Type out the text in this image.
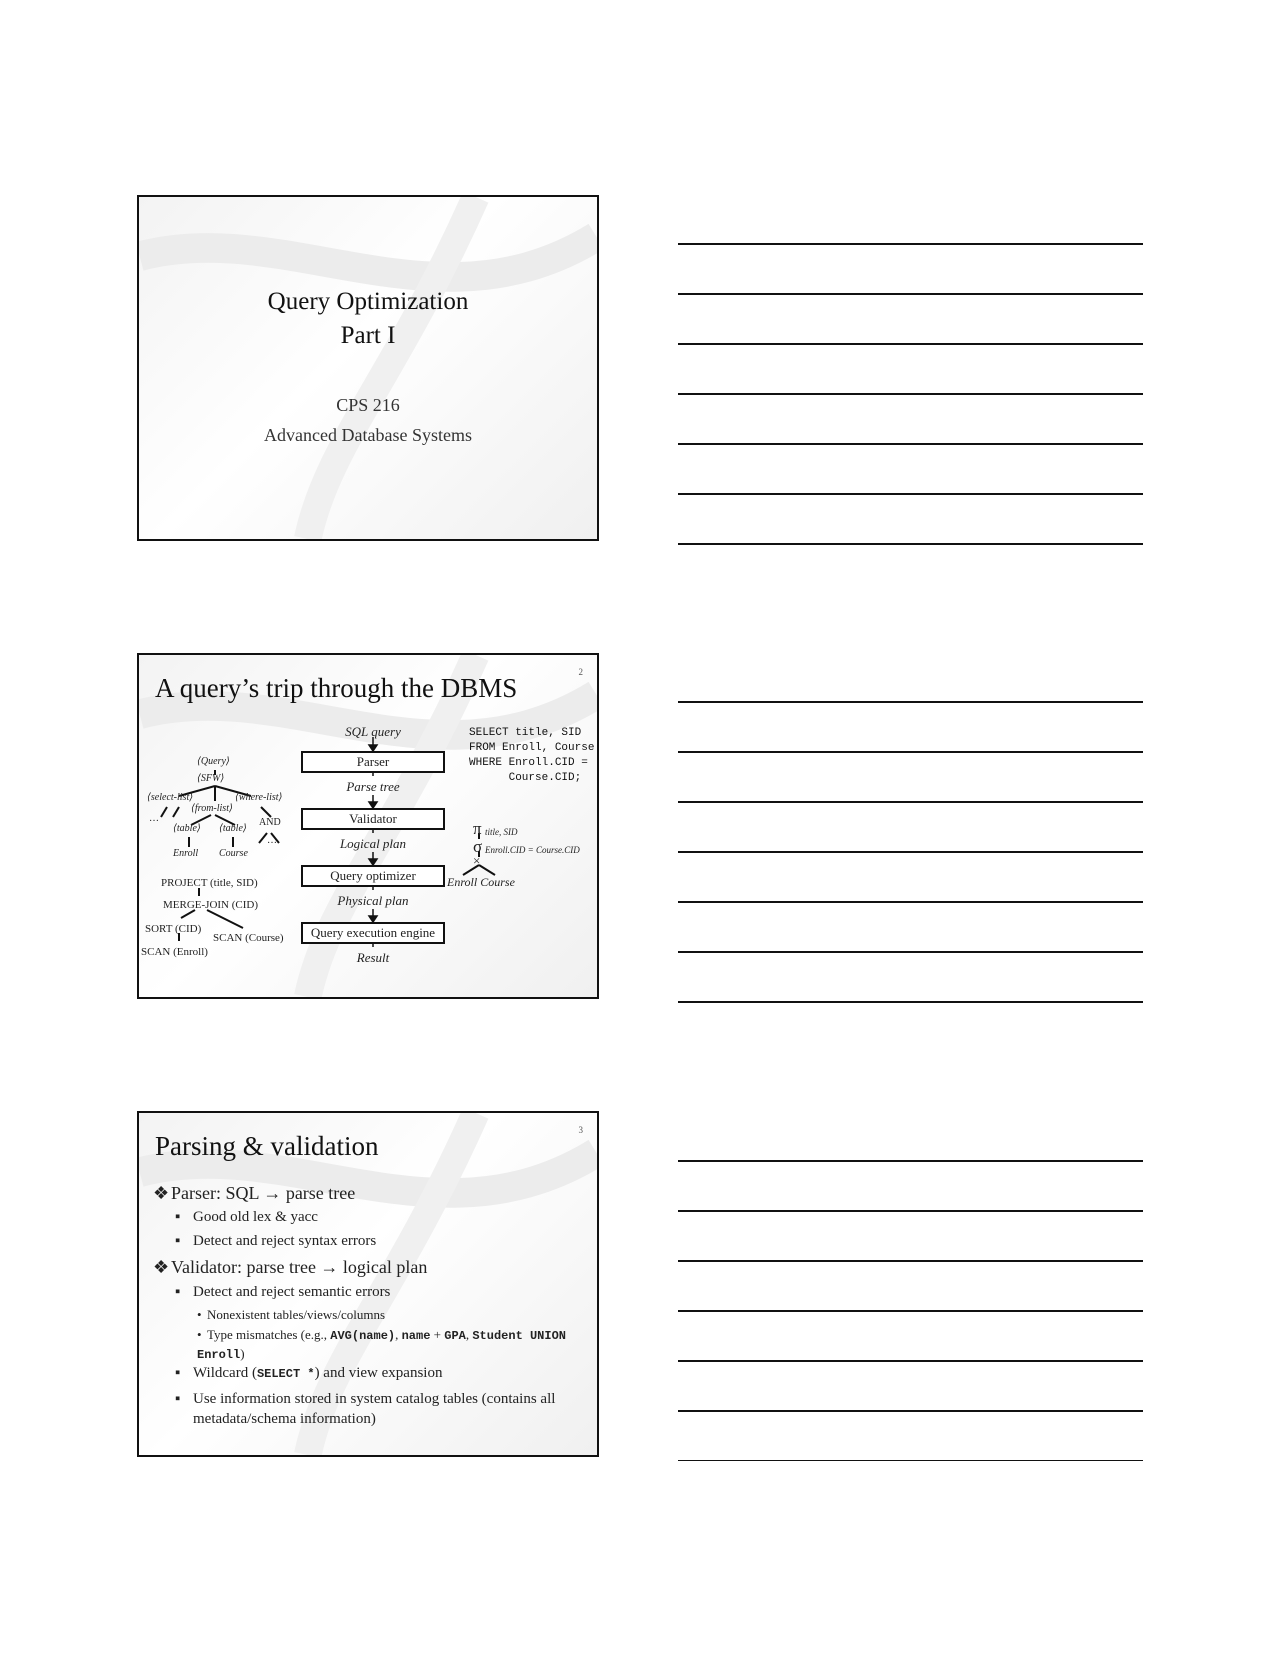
Query Optimization
Part I
CPS 216
Advanced Database Systems
2
A query’s trip through the DBMS
SQL query
Parser
Parse tree
Validator
Logical plan
Query optimizer
Physical plan
Query execution engine
Result
SELECT title, SID
FROM Enroll, Course
WHERE Enroll.CID =
Course.CID;
⟨Query⟩
⟨SFW⟩
⟨select-list⟩	⟨where-list⟩
⟨from-list⟩
…
⟨table⟩ ⟨table⟩
AND
…
Enroll Course
PROJECT (title, SID)
MERGE-JOIN (CID)
SORT (CID)
SCAN (Course)
SCAN (Enroll)
π title, SID
σ Enroll.CID = Course.CID
×
Enroll Course
3
Parsing & validation
❖ Parser: SQL → parse tree
▪ Good old lex & yacc
▪ Detect and reject syntax errors
❖ Validator: parse tree → logical plan
▪ Detect and reject semantic errors
• Nonexistent tables/views/columns
• Type mismatches (e.g., AVG(name), name + GPA, Student UNION Enroll)
▪ Wildcard (SELECT *) and view expansion
▪ Use information stored in system catalog tables (contains all metadata/schema information)
